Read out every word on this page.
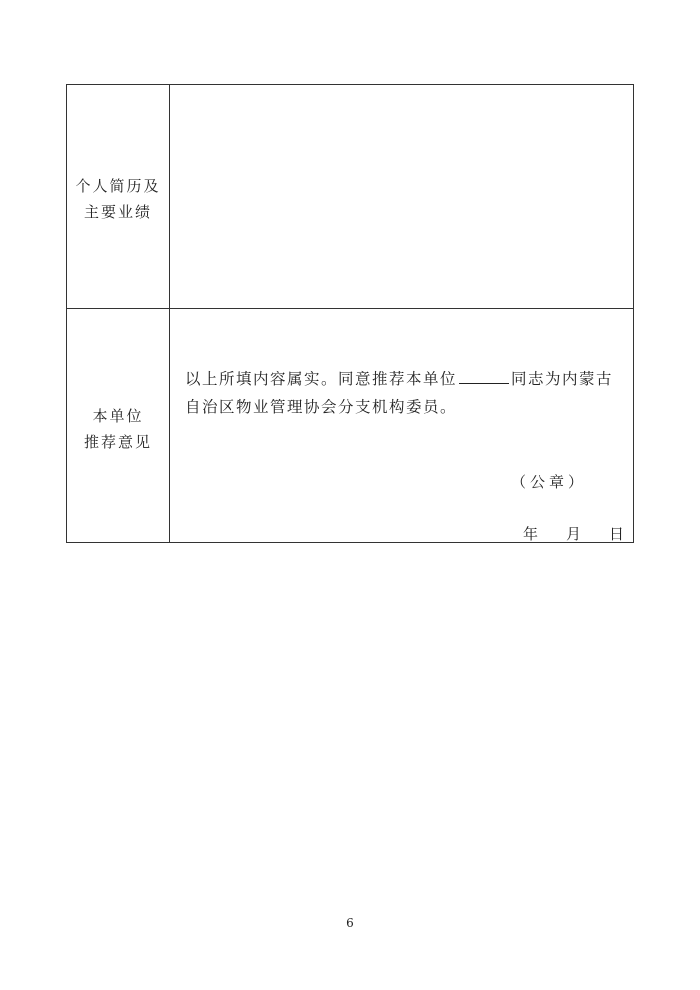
个人简历及
主要业绩
本单位
推荐意见
以上所填内容属实。同意推荐本单位	同志为内蒙古自治区物业管理协会分支机构委员。
（公章）
年 月 日
6
